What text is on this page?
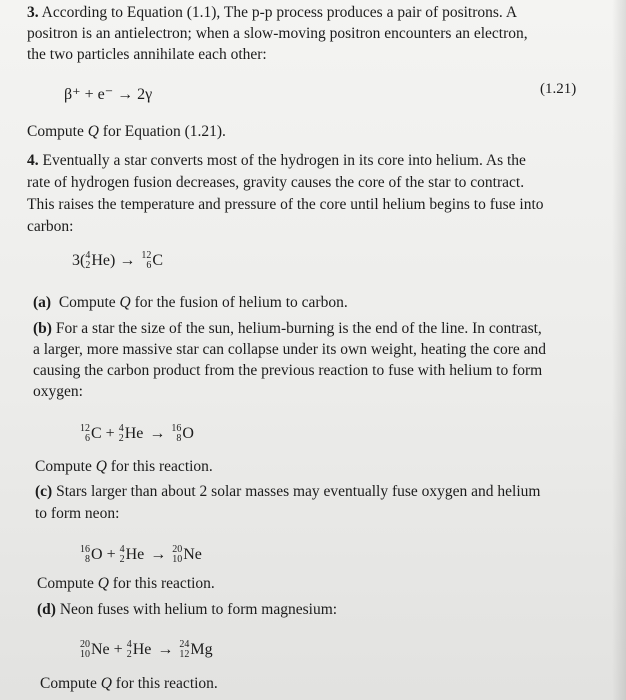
3. According to Equation (1.1), The p-p process produces a pair of positrons. A
positron is an antielectron; when a slow-moving positron encounters an electron,
the two particles annihilate each other:
β⁺ + e⁻ → 2γ	(1.21)
Compute Q for Equation (1.21).
4. Eventually a star converts most of the hydrogen in its core into helium. As the
rate of hydrogen fusion decreases, gravity causes the core of the star to contract.
This raises the temperature and pressure of the core until helium begins to fuse into
carbon:
3( 4
2 He ) → 12
6 C
(a) Compute Q for the fusion of helium to carbon.
(b) For a star the size of the sun, helium-burning is the end of the line. In contrast,
a larger, more massive star can collapse under its own weight, heating the core and
causing the carbon product from the previous reaction to fuse with helium to form
oxygen:
12
6 C + 4
2 He → 16
8 O
Compute Q for this reaction.
(c) Stars larger than about 2 solar masses may eventually fuse oxygen and helium
to form neon:
16
8 O + 4
2 He → 20
10 Ne
Compute Q for this reaction.
(d) Neon fuses with helium to form magnesium:
20
10 Ne + 4
2 He → 24
12 Mg
Compute Q for this reaction.
